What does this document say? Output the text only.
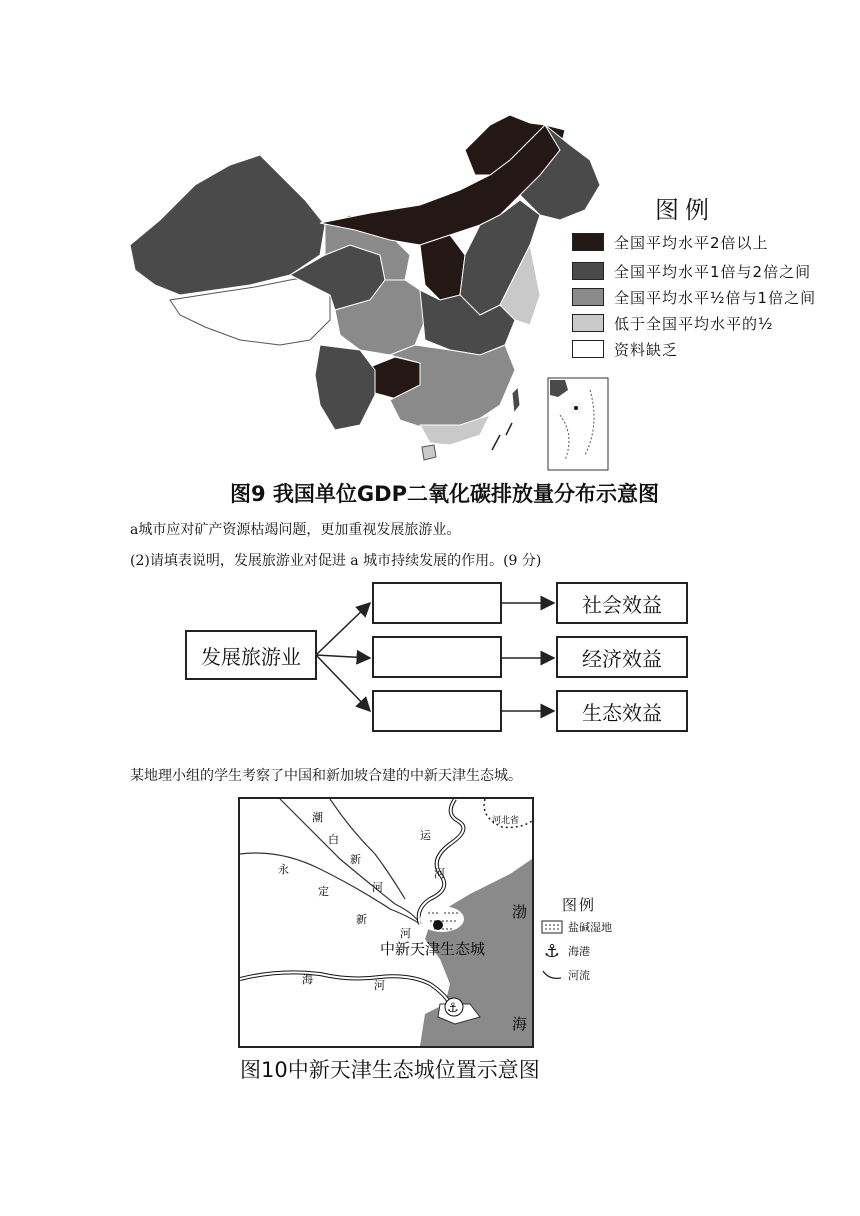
图例
全国平均水平2倍以上
全国平均水平1倍与2倍之间
全国平均水平½倍与1倍之间
低于全国平均水平的½
资料缺乏
图9 我国单位GDP二氧化碳排放量分布示意图
a城市应对矿产资源枯竭问题，更加重视发展旅游业。
(2)请填表说明，发展旅游业对促进 a 城市持续发展的作用。(9 分)
发展旅游业
社会效益
经济效益
生态效益
某地理小组的学生考察了中国和新加坡合建的中新天津生态城。
⚓
潮
白
新
河
运
河
永
定
新
河
河北省
中新天津生态城
渤
海
海	河
图例
盐碱湿地
⚓ 海港
河流
图10中新天津生态城位置示意图
